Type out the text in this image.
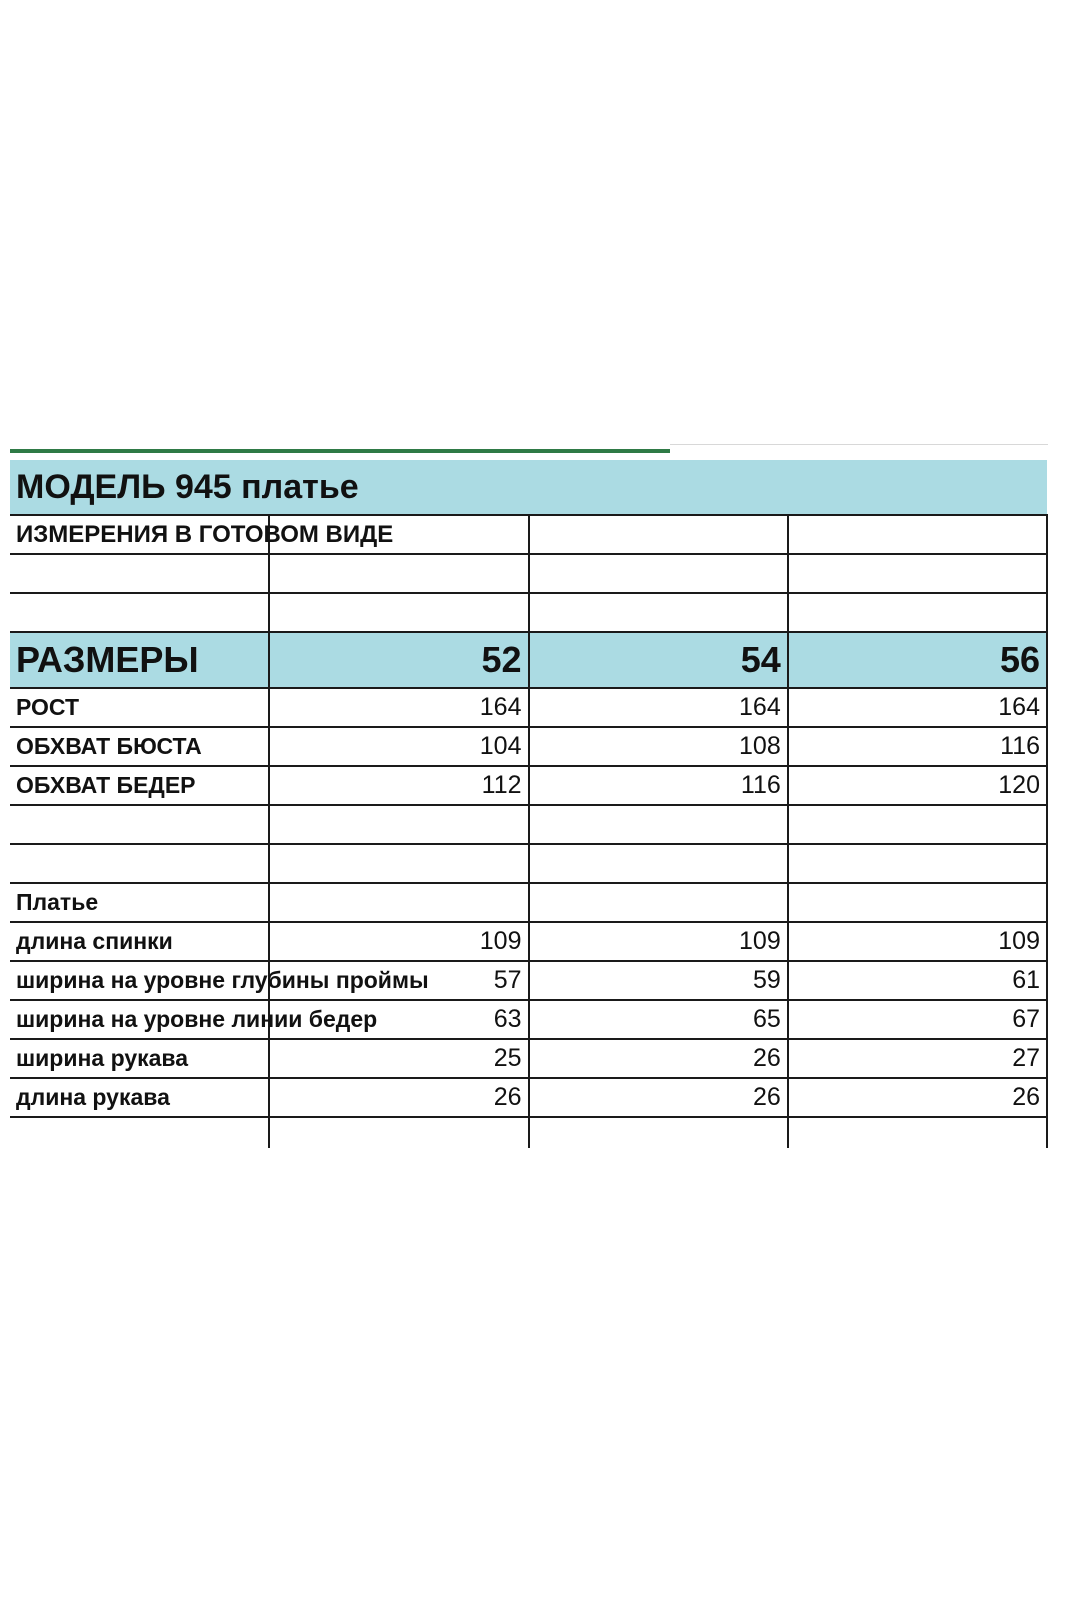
МОДЕЛЬ 945 платье			
ИЗМЕРЕНИЯ В ГОТОВОМ ВИДЕ			

РАЗМЕРЫ	52	54	56
РОСТ	164	164	164
ОБХВАТ БЮСТА	104	108	116
ОБХВАТ БЕДЕР	112	116	120

Платье			
длина спинки	109	109	109
ширина на уровне глубины проймы	57	59	61
ширина на уровне линии бедер	63	65	67
ширина рукава	25	26	27
длина рукава	26	26	26
